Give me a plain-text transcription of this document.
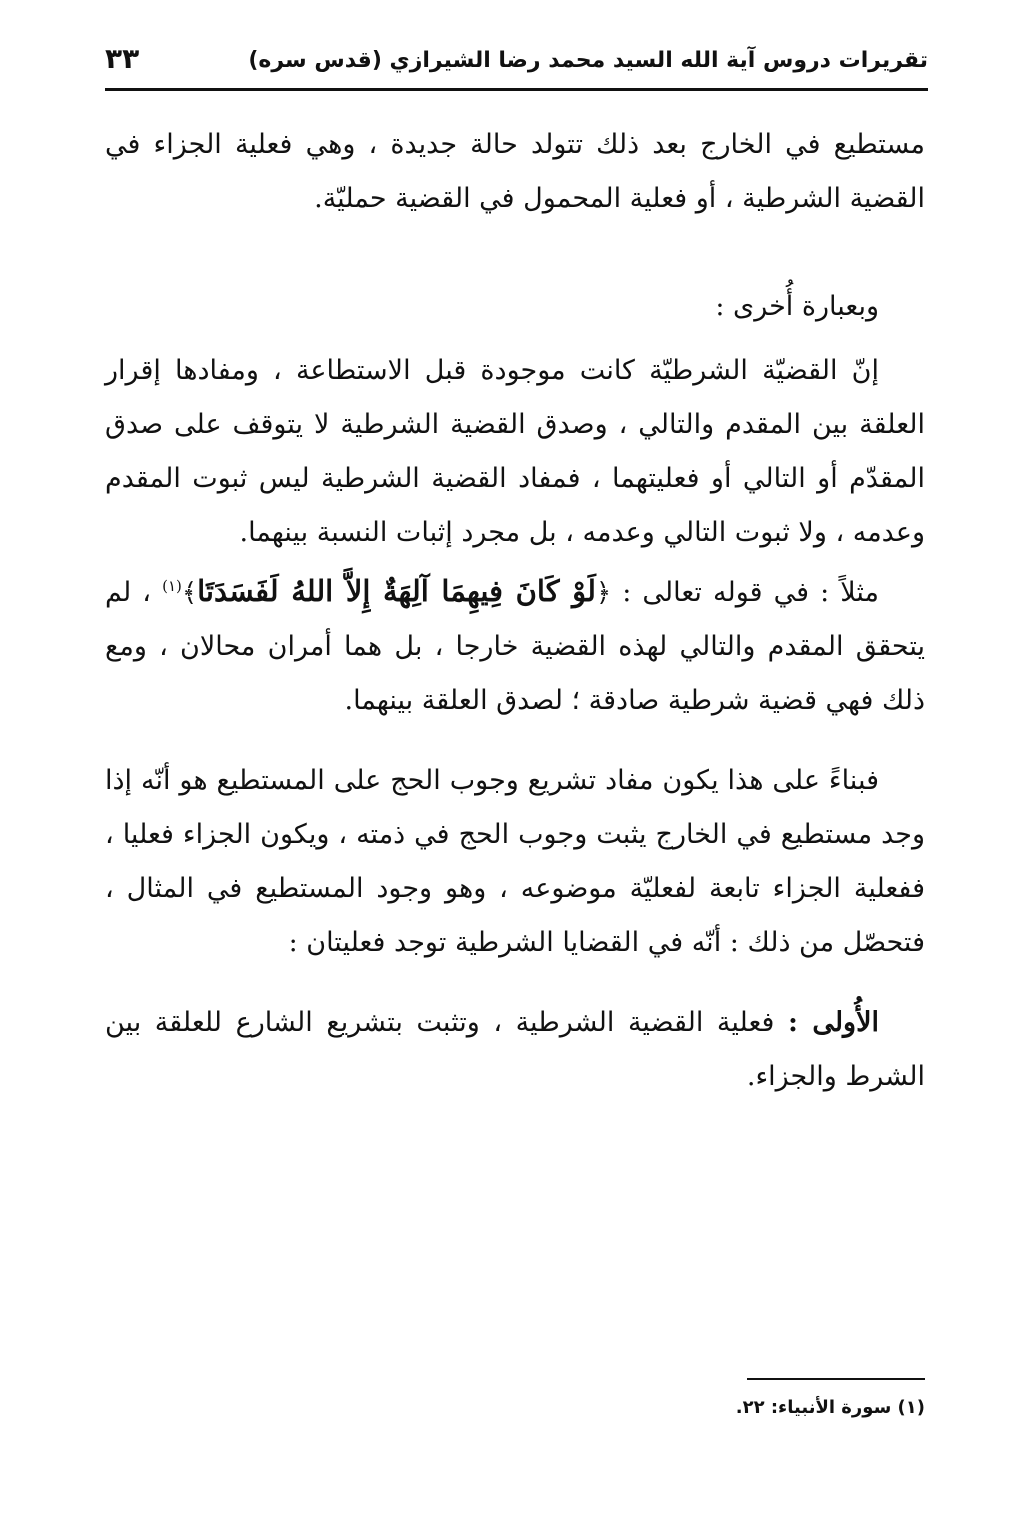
تقريرات دروس آية الله السيد محمد رضا الشيرازي (قدس سره)
٣٣

مستطيع في الخارج بعد ذلك تتولد حالة جديدة ، وهي فعلية الجزاء في القضية الشرطية ، أو فعلية المحمول في القضية حمليّة.

وبعبارة أُخرى :

إنّ القضيّة الشرطيّة كانت موجودة قبل الاستطاعة ، ومفادها إقرار العلقة بين المقدم والتالي ، وصدق القضية الشرطية لا يتوقف على صدق المقدّم أو التالي أو فعليتهما ، فمفاد القضية الشرطية ليس ثبوت المقدم وعدمه ، ولا ثبوت التالي وعدمه ، بل مجرد إثبات النسبة بينهما.

مثلاً : في قوله تعالى : ﴿لَوْ كَانَ فِيهِمَا آلِهَةٌ إِلاَّ اللهُ لَفَسَدَتَا﴾$^{(١)}$ ، لم يتحقق المقدم والتالي لهذه القضية خارجا ، بل هما أمران محالان ، ومع ذلك فهي قضية شرطية صادقة ؛ لصدق العلقة بينهما.

فبناءً على هذا يكون مفاد تشريع وجوب الحج على المستطيع هو أنّه إذا وجد مستطيع في الخارج يثبت وجوب الحج في ذمته ، ويكون الجزاء فعليا ، ففعلية الجزاء تابعة لفعليّة موضوعه ، وهو وجود المستطيع في المثال ، فتحصّل من ذلك : أنّه في القضايا الشرطية توجد فعليتان :

الأُولى : فعلية القضية الشرطية ، وتثبت بتشريع الشارع للعلقة بين الشرط والجزاء.

(١) سورة الأنبياء: ٢٢.
